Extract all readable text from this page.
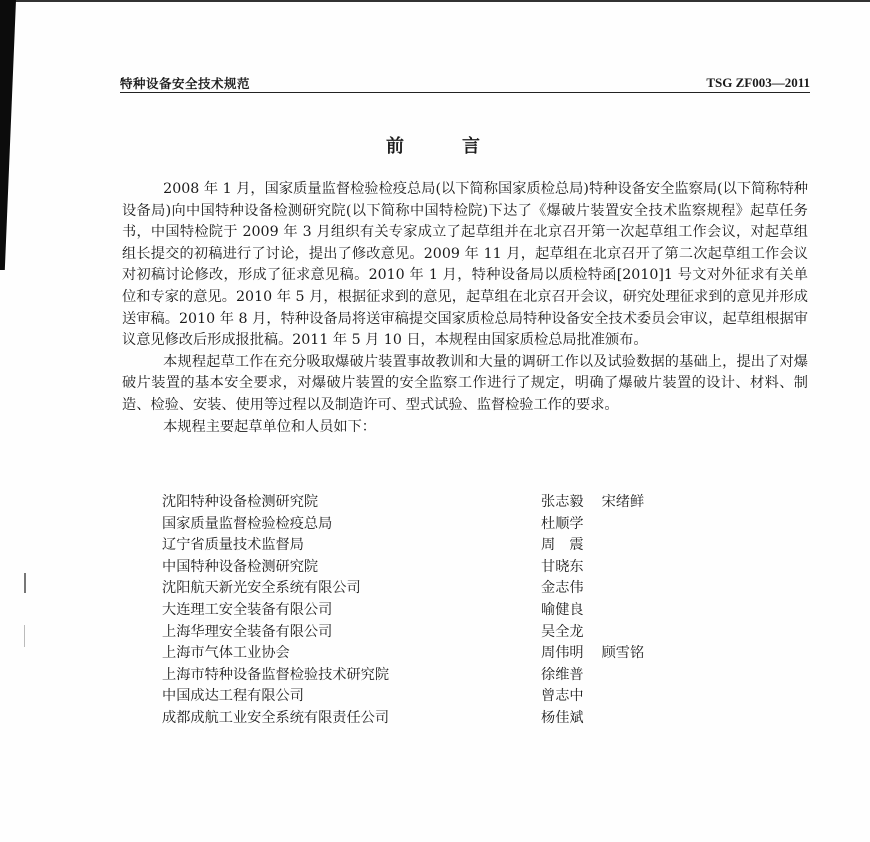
特种设备安全技术规范	TSG ZF003—2011
前言

2008 年 1 月，国家质量监督检验检疫总局(以下简称国家质检总局)特种设备安全监察局(以下简称特种设备局)向中国特种设备检测研究院(以下简称中国特检院)下达了《爆破片装置安全技术监察规程》起草任务书，中国特检院于 2009 年 3 月组织有关专家成立了起草组并在北京召开第一次起草组工作会议，对起草组组长提交的初稿进行了讨论，提出了修改意见。2009 年 11 月，起草组在北京召开了第二次起草组工作会议对初稿讨论修改，形成了征求意见稿。2010 年 1 月，特种设备局以质检特函[2010]1 号文对外征求有关单位和专家的意见。2010 年 5 月，根据征求到的意见，起草组在北京召开会议，研究处理征求到的意见并形成送审稿。2010 年 8 月，特种设备局将送审稿提交国家质检总局特种设备安全技术委员会审议，起草组根据审议意见修改后形成报批稿。2011 年 5 月 10 日，本规程由国家质检总局批准颁布。

本规程起草工作在充分吸取爆破片装置事故教训和大量的调研工作以及试验数据的基础上，提出了对爆破片装置的基本安全要求，对爆破片装置的安全监察工作进行了规定，明确了爆破片装置的设计、材料、制造、检验、安装、使用等过程以及制造许可、型式试验、监督检验工作的要求。

本规程主要起草单位和人员如下：

沈阳特种设备检测研究院	张志毅 宋绪鲜
国家质量监督检验检疫总局	杜顺学
辽宁省质量技术监督局	周　震
中国特种设备检测研究院	甘晓东
沈阳航天新光安全系统有限公司	金志伟
大连理工安全装备有限公司	喻健良
上海华理安全装备有限公司	吴全龙
上海市气体工业协会	周伟明 顾雪铭
上海市特种设备监督检验技术研究院	徐维普
中国成达工程有限公司	曾志中
成都成航工业安全系统有限责任公司	杨佳斌
